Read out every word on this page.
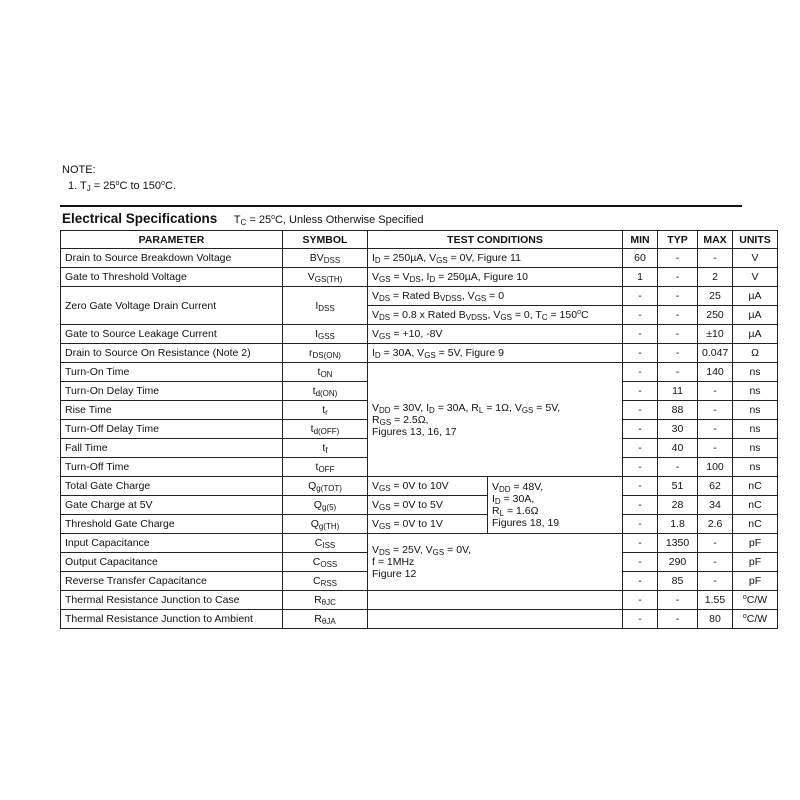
NOTE:
1. $T_J = 25^oC$ to 150$^o$C.
Electrical Specifications $T_C = 25^oC$, Unless Otherwise Specified
PARAMETER	SYMBOL	TEST CONDITIONS		MIN	TYP	MAX	UNITS
Drain to Source Breakdown Voltage	$BV_{DSS}$	$I_D = 250\mu A$, $V_{GS} = 0V$, Figure 11		60	-	-	V
Gate to Threshold Voltage	$V_{GS(TH)}$	$V_{GS} = V_{DS}$, $I_D = 250\mu A$, Figure 10		1	-	2	V
Zero Gate Voltage Drain Current	$I_{DSS}$	$V_{DS}$ = Rated $B_{VDSS}$, $V_{GS} = 0$		-	-	25	µA
		$V_{DS} = 0.8$ x Rated $B_{VDSS}$, $V_{GS} = 0$, $T_C = 150^oC$		-	-	250	µA
Gate to Source Leakage Current	$I_{GSS}$	$V_{GS} = +10$, -8V		-	-	±10	µA
Drain to Source On Resistance (Note 2)	$r_{DS(ON)}$	$I_D = 30A$, $V_{GS} = 5V$, Figure 9		-	-	0.047	Ω
Turn-On Time	$t_{ON}$	$V_{DD} = 30V$, $I_D = 30A$, $R_L = 1\Omega$, $V_{GS} = 5V$,
$R_{GS} = 2.5\Omega$,
Figures 13, 16, 17		-	-	140	ns
Turn-On Delay Time	$t_{d(ON)}$			-	11	-	ns
Rise Time	$t_r$			-	88	-	ns
Turn-Off Delay Time	$t_{d(OFF)}$			-	30	-	ns
Fall Time	$t_f$			-	40	-	ns
Turn-Off Time	$t_{OFF}$			-	-	100	ns
Total Gate Charge	$Q_{g(TOT)}$	$V_{GS} = 0V$ to 10V	$V_{DD} = 48V$,
$I_D = 30A$,
$R_L = 1.6\Omega$
Figures 18, 19	-	51	62	nC
Gate Charge at 5V	$Q_{g(5)}$	$V_{GS} = 0V$ to 5V		-	28	34	nC
Threshold Gate Charge	$Q_{g(TH)}$	$V_{GS} = 0V$ to 1V		-	1.8	2.6	nC
Input Capacitance	$C_{ISS}$	$V_{DS} = 25V$, $V_{GS} = 0V$,
f = 1MHz
Figure 12		-	1350	-	pF
Output Capacitance	$C_{OSS}$			-	290	-	pF
Reverse Transfer Capacitance	$C_{RSS}$			-	85	-	pF
Thermal Resistance Junction to Case	$R_{\theta JC}$			-	-	1.55	$^o$C/W
Thermal Resistance Junction to Ambient	$R_{\theta JA}$			-	-	80	$^o$C/W
